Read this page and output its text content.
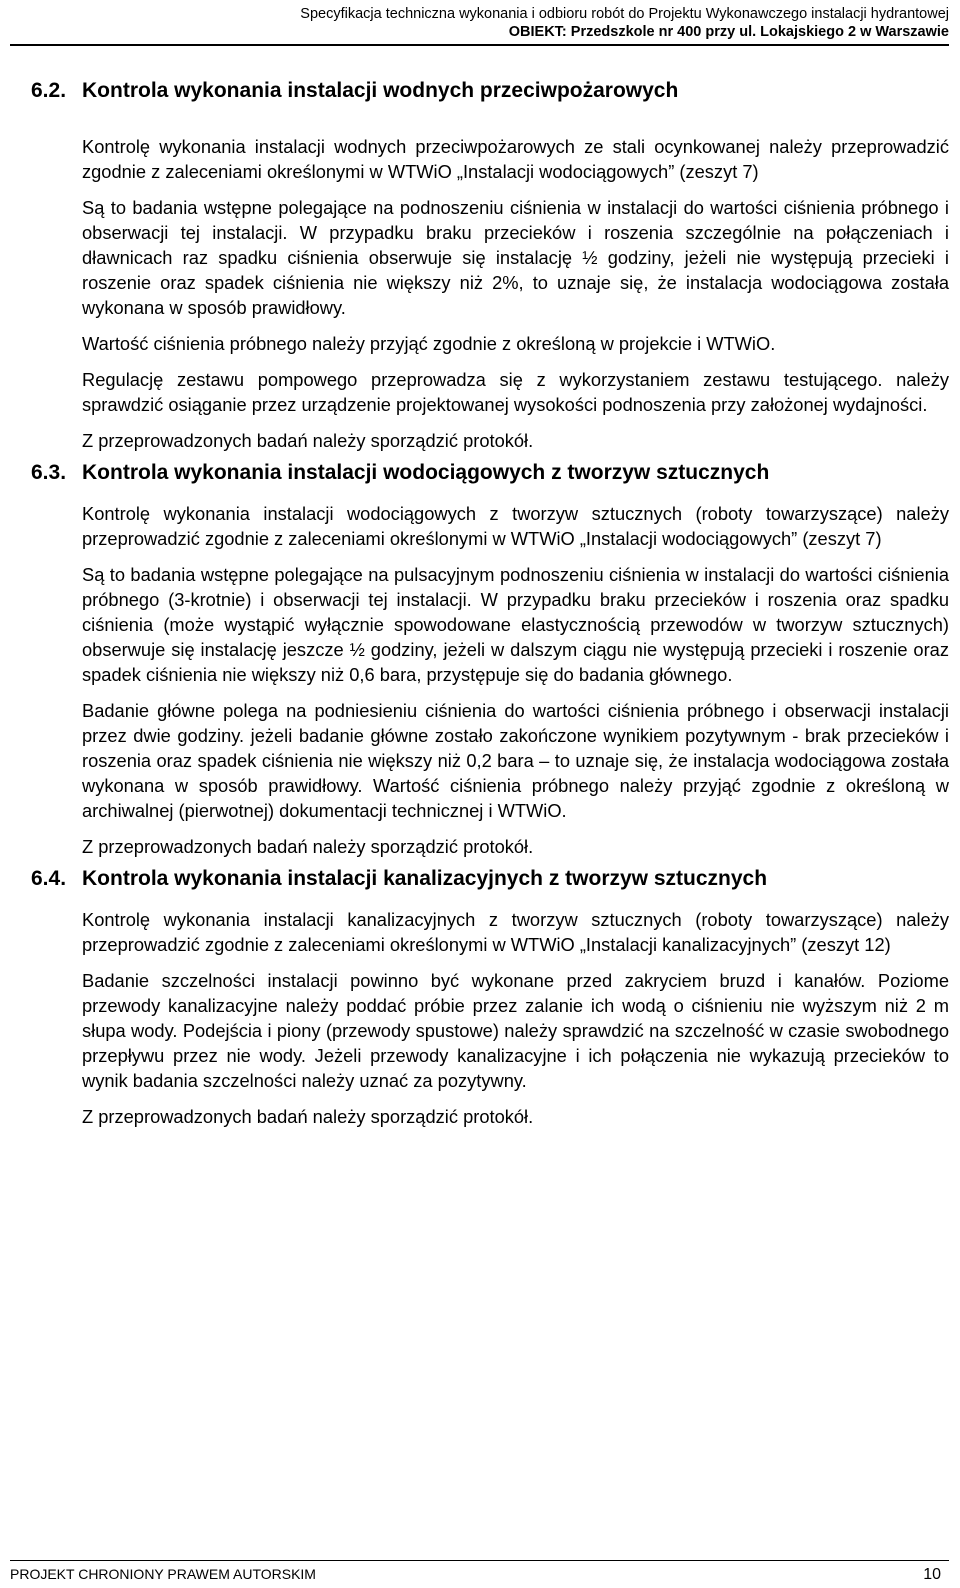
Specyfikacja techniczna wykonania i odbioru robót do Projektu Wykonawczego instalacji hydrantowej
OBIEKT: Przedszkole nr 400 przy ul. Lokajskiego 2 w Warszawie
6.2. Kontrola wykonania instalacji wodnych przeciwpożarowych

Kontrolę wykonania instalacji wodnych przeciwpożarowych ze stali ocynkowanej należy przeprowadzić zgodnie z zaleceniami określonymi w WTWiO „Instalacji wodociągowych” (zeszyt 7)

Są to badania wstępne polegające na podnoszeniu ciśnienia w instalacji do wartości ciśnienia próbnego i obserwacji tej instalacji. W przypadku braku przecieków i roszenia szczególnie na połączeniach i dławnicach raz spadku ciśnienia obserwuje się instalację ½ godziny, jeżeli nie występują przecieki i roszenie oraz spadek ciśnienia nie większy niż 2%, to uznaje się, że instalacja wodociągowa została wykonana w sposób prawidłowy.

Wartość ciśnienia próbnego należy przyjąć zgodnie z określoną w projekcie i WTWiO.

Regulację zestawu pompowego przeprowadza się z wykorzystaniem zestawu testującego. należy sprawdzić osiąganie przez urządzenie projektowanej wysokości podnoszenia przy założonej wydajności.

Z przeprowadzonych badań należy sporządzić protokół.

6.3. Kontrola wykonania instalacji wodociągowych z tworzyw sztucznych

Kontrolę wykonania instalacji wodociągowych z tworzyw sztucznych (roboty towarzyszące) należy przeprowadzić zgodnie z zaleceniami określonymi w WTWiO „Instalacji wodociągowych” (zeszyt 7)

Są to badania wstępne polegające na pulsacyjnym podnoszeniu ciśnienia w instalacji do wartości ciśnienia próbnego (3-krotnie) i obserwacji tej instalacji. W przypadku braku przecieków i roszenia oraz spadku ciśnienia (może wystąpić wyłącznie spowodowane elastycznością przewodów w tworzyw sztucznych) obserwuje się instalację jeszcze ½ godziny, jeżeli w dalszym ciągu nie występują przecieki i roszenie oraz spadek ciśnienia nie większy niż 0,6 bara, przystępuje się do badania głównego.

Badanie główne polega na podniesieniu ciśnienia do wartości ciśnienia próbnego i obserwacji instalacji przez dwie godziny. jeżeli badanie główne zostało zakończone wynikiem pozytywnym - brak przecieków i roszenia oraz spadek ciśnienia nie większy niż 0,2 bara – to uznaje się, że instalacja wodociągowa została wykonana w sposób prawidłowy. Wartość ciśnienia próbnego należy przyjąć zgodnie z określoną w archiwalnej (pierwotnej) dokumentacji technicznej i WTWiO.

Z przeprowadzonych badań należy sporządzić protokół.

6.4. Kontrola wykonania instalacji kanalizacyjnych z tworzyw sztucznych

Kontrolę wykonania instalacji kanalizacyjnych z tworzyw sztucznych (roboty towarzyszące) należy przeprowadzić zgodnie z zaleceniami określonymi w WTWiO „Instalacji kanalizacyjnych” (zeszyt 12)

Badanie szczelności instalacji powinno być wykonane przed zakryciem bruzd i kanałów. Poziome przewody kanalizacyjne należy poddać próbie przez zalanie ich wodą o ciśnieniu nie wyższym niż 2 m słupa wody. Podejścia i piony (przewody spustowe) należy sprawdzić na szczelność w czasie swobodnego przepływu przez nie wody. Jeżeli przewody kanalizacyjne i ich połączenia nie wykazują przecieków to wynik badania szczelności należy uznać za pozytywny.

Z przeprowadzonych badań należy sporządzić protokół.

PROJEKT CHRONIONY PRAWEM AUTORSKIM	10
